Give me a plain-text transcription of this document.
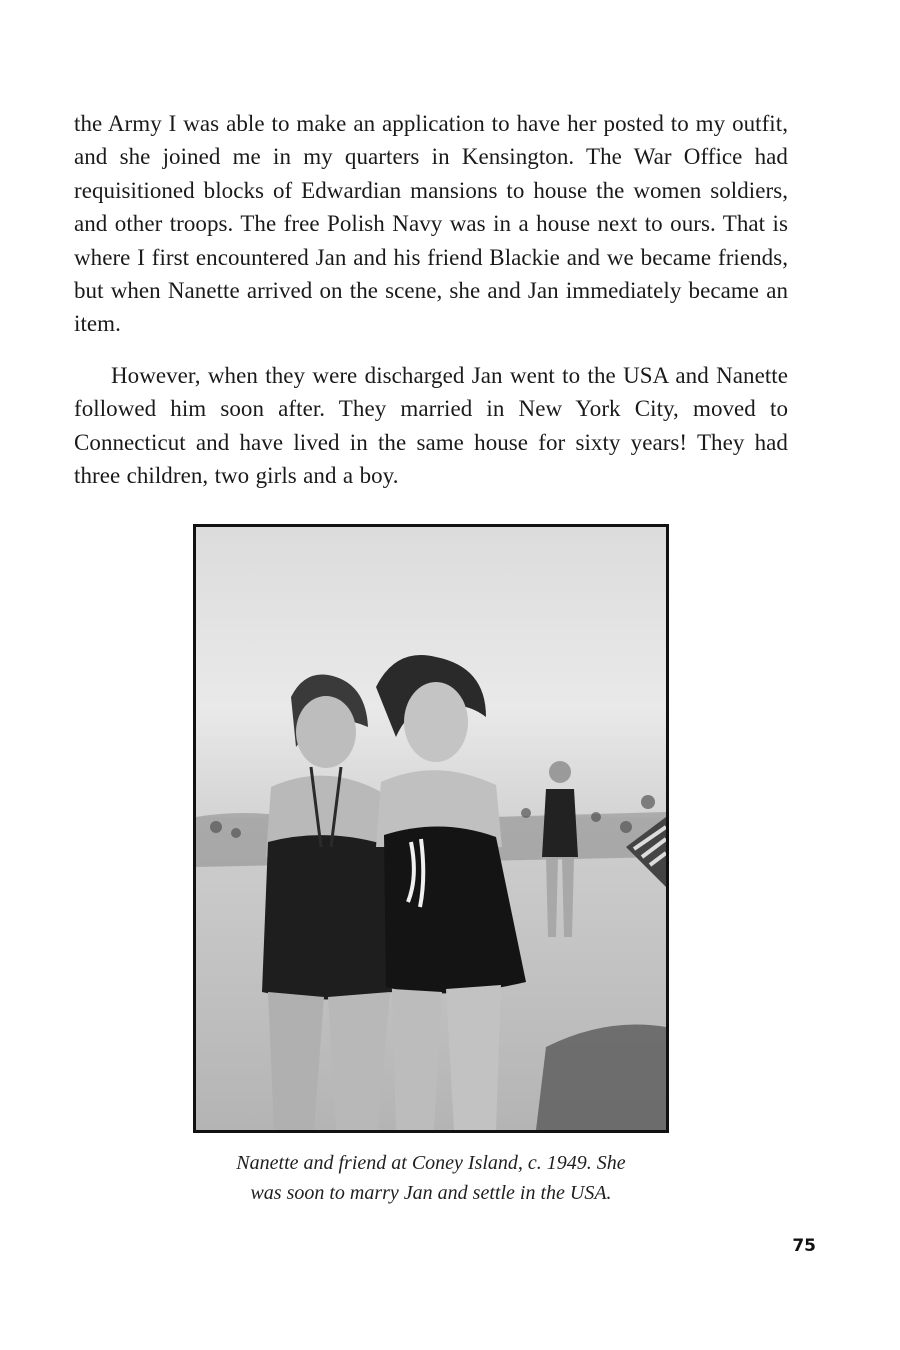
the Army I was able to make an application to have her posted to my outfit, and she joined me in my quarters in Kensington. The War Office had requisitioned blocks of Edwardian mansions to house the women soldiers, and other troops. The free Polish Navy was in a house next to ours. That is where I first encountered Jan and his friend Blackie and we became friends, but when Nanette arrived on the scene, she and Jan immediately became an item.

However, when they were discharged Jan went to the USA and Nanette followed him soon after. They married in New York City, moved to Connecticut and have lived in the same house for sixty years! They had three children, two girls and a boy.

Nanette and friend at Coney Island, c. 1949. She
was soon to marry Jan and settle in the USA.
75
